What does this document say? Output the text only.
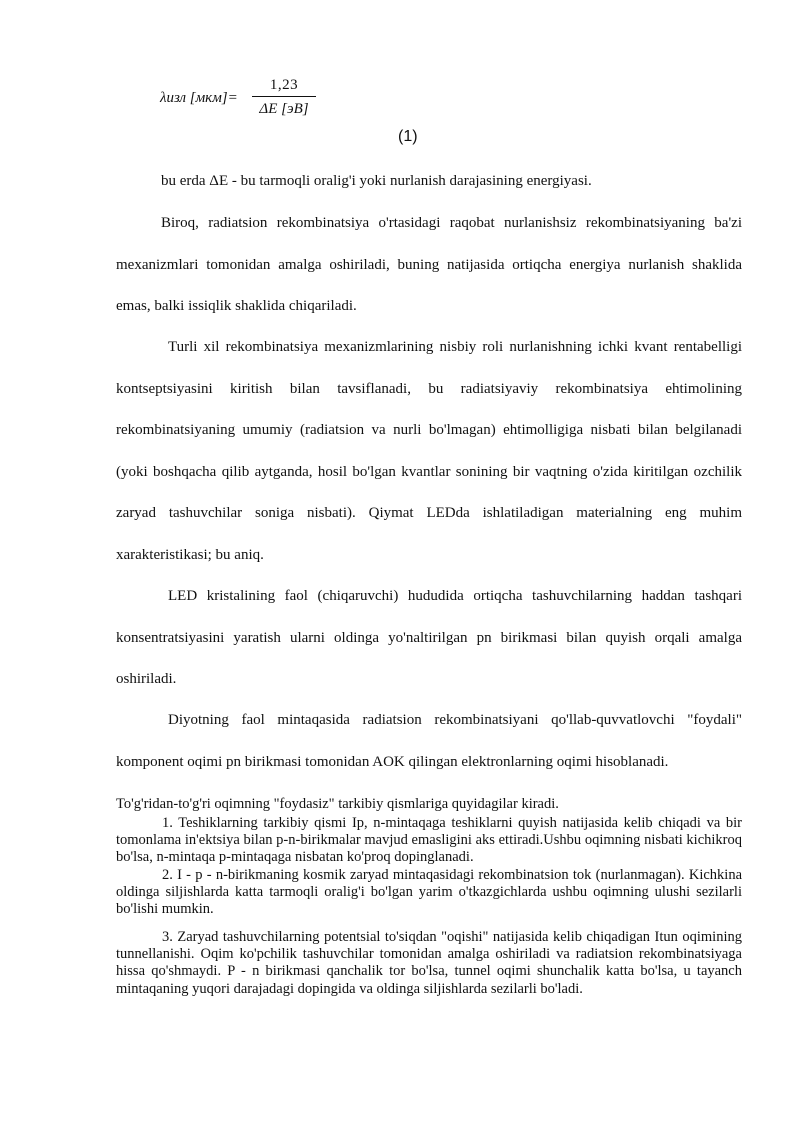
λизл [мкм]=
1,23
ΔE [эВ]
(1)

bu erda ΔE - bu tarmoqli oralig'i yoki nurlanish darajasining energiyasi.

Biroq, radiatsion rekombinatsiya o'rtasidagi raqobat nurlanishsiz rekombinatsiyaning ba'zi mexanizmlari tomonidan amalga oshiriladi, buning natijasida ortiqcha energiya nurlanish shaklida emas, balki issiqlik shaklida chiqariladi.

Turli xil rekombinatsiya mexanizmlarining nisbiy roli nurlanishning ichki kvant rentabelligi kontseptsiyasini kiritish bilan tavsiflanadi, bu radiatsiyaviy rekombinatsiya ehtimolining rekombinatsiyaning umumiy (radiatsion va nurli bo'lmagan) ehtimolligiga nisbati bilan belgilanadi (yoki boshqacha qilib aytganda, hosil bo'lgan kvantlar sonining bir vaqtning o'zida kiritilgan ozchilik zaryad tashuvchilar soniga nisbati). Qiymat LEDda ishlatiladigan materialning eng muhim xarakteristikasi; bu aniq.

LED kristalining faol (chiqaruvchi) hududida ortiqcha tashuvchilarning haddan tashqari konsentratsiyasini yaratish ularni oldinga yo'naltirilgan pn birikmasi bilan quyish orqali amalga oshiriladi.

Diyotning faol mintaqasida radiatsion rekombinatsiyani qo'llab-quvvatlovchi "foydali" komponent oqimi pn birikmasi tomonidan AOK qilingan elektronlarning oqimi hisoblanadi.

To'g'ridan-to'g'ri oqimning "foydasiz" tarkibiy qismlariga quyidagilar kiradi.

1. Teshiklarning tarkibiy qismi Ip, n-mintaqaga teshiklarni quyish natijasida kelib chiqadi va bir tomonlama in'ektsiya bilan p-n-birikmalar mavjud emasligini aks ettiradi.Ushbu oqimning nisbati kichikroq bo'lsa, n-mintaqa p-mintaqaga nisbatan ko'proq dopinglanadi.

2. I - p - n-birikmaning kosmik zaryad mintaqasidagi rekombinatsion tok (nurlanmagan). Kichkina oldinga siljishlarda katta tarmoqli oralig'i bo'lgan yarim o'tkazgichlarda ushbu oqimning ulushi sezilarli bo'lishi mumkin.

3. Zaryad tashuvchilarning potentsial to'siqdan "oqishi" natijasida kelib chiqadigan Itun oqimining tunnellanishi. Oqim ko'pchilik tashuvchilar tomonidan amalga oshiriladi va radiatsion rekombinatsiyaga hissa qo'shmaydi. P - n birikmasi qanchalik tor bo'lsa, tunnel oqimi shunchalik katta bo'lsa, u tayanch mintaqaning yuqori darajadagi dopingida va oldinga siljishlarda sezilarli bo'ladi.
